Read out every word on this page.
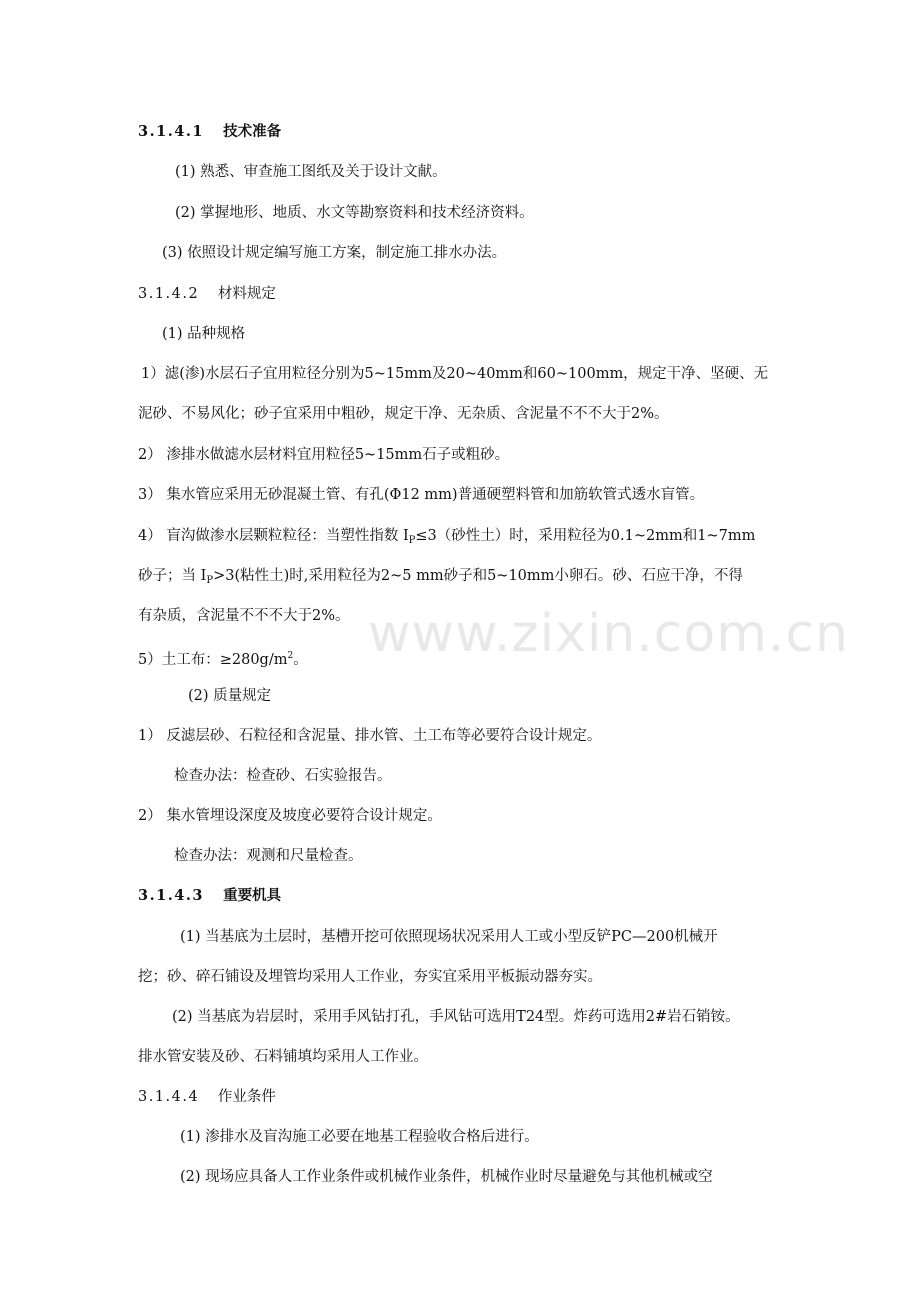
www.zixin.com.cn
3.1.4.1 技术准备
(1) 熟悉、审查施工图纸及关于设计文献。
(2) 掌握地形、地质、水文等勘察资料和技术经济资料。
(3) 依照设计规定编写施工方案，制定施工排水办法。
3.1.4.2 材料规定
(1) 品种规格
1）滤(渗)水层石子宜用粒径分别为5~15mm及20~40mm和60~100mm，规定干净、坚硬、无
泥砂、不易风化；砂子宜采用中粗砂，规定干净、无杂质、含泥量不不不大于2%。
2） 渗排水做滤水层材料宜用粒径5~15mm石子或粗砂。
3） 集水管应采用无砂混凝土管、有孔(Φ12 mm)普通硬塑料管和加筋软管式透水盲管。
4） 盲沟做渗水层颗粒粒径：当塑性指数 $I_P\le 3$（砂性土）时，采用粒径为0.1~2mm和1~7mm
砂子；当 $I_P>3$(粘性土)时,采用粒径为2~5 mm砂子和5~10mm小卵石。砂、石应干净，不得
有杂质，含泥量不不不大于2%。
5）土工布：$\ge 280g/m^2$。
(2) 质量规定
1） 反滤层砂、石粒径和含泥量、排水管、土工布等必要符合设计规定。
检查办法：检查砂、石实验报告。
2） 集水管埋设深度及坡度必要符合设计规定。
检查办法：观测和尺量检查。
3.1.4.3 重要机具
(1) 当基底为土层时，基槽开挖可依照现场状况采用人工或小型反铲PC—200机械开
挖；砂、碎石铺设及埋管均采用人工作业，夯实宜采用平板振动器夯实。
(2) 当基底为岩层时，采用手风钻打孔，手风钻可选用T24型。炸药可选用2#岩石销铵。
排水管安装及砂、石料铺填均采用人工作业。
3.1.4.4 作业条件
(1) 渗排水及盲沟施工必要在地基工程验收合格后进行。
(2) 现场应具备人工作业条件或机械作业条件，机械作业时尽量避免与其他机械或空
